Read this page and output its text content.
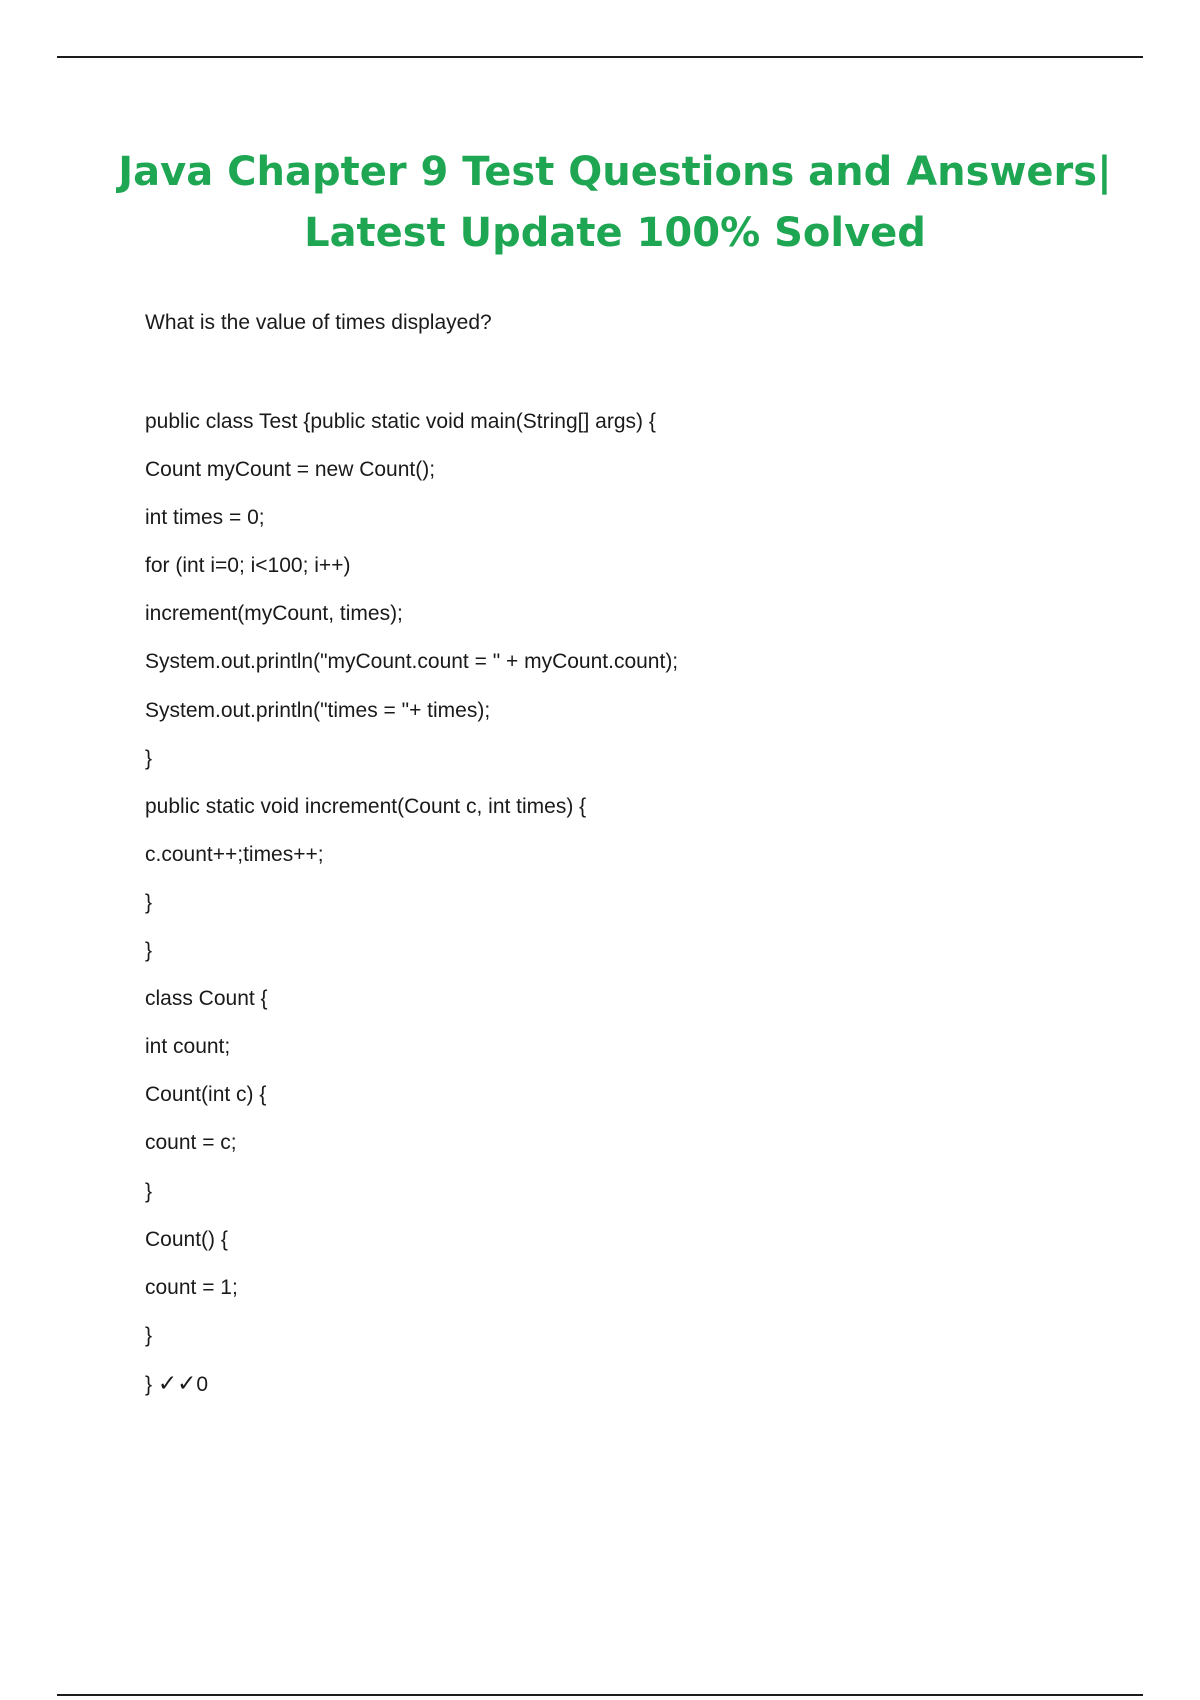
Java Chapter 9 Test Questions and Answers|
Latest Update 100% Solved

What is the value of times displayed?

public class Test {public static void main(String[] args) {
Count myCount = new Count();
int times = 0;
for (int i=0; i<100; i++)
increment(myCount, times);
System.out.println("myCount.count = " + myCount.count);
System.out.println("times = "+ times);
}
public static void increment(Count c, int times) {
c.count++;times++;
}
}
class Count {
int count;
Count(int c) {
count = c;
}
Count() {
count = 1;
}
} ✓✓0
